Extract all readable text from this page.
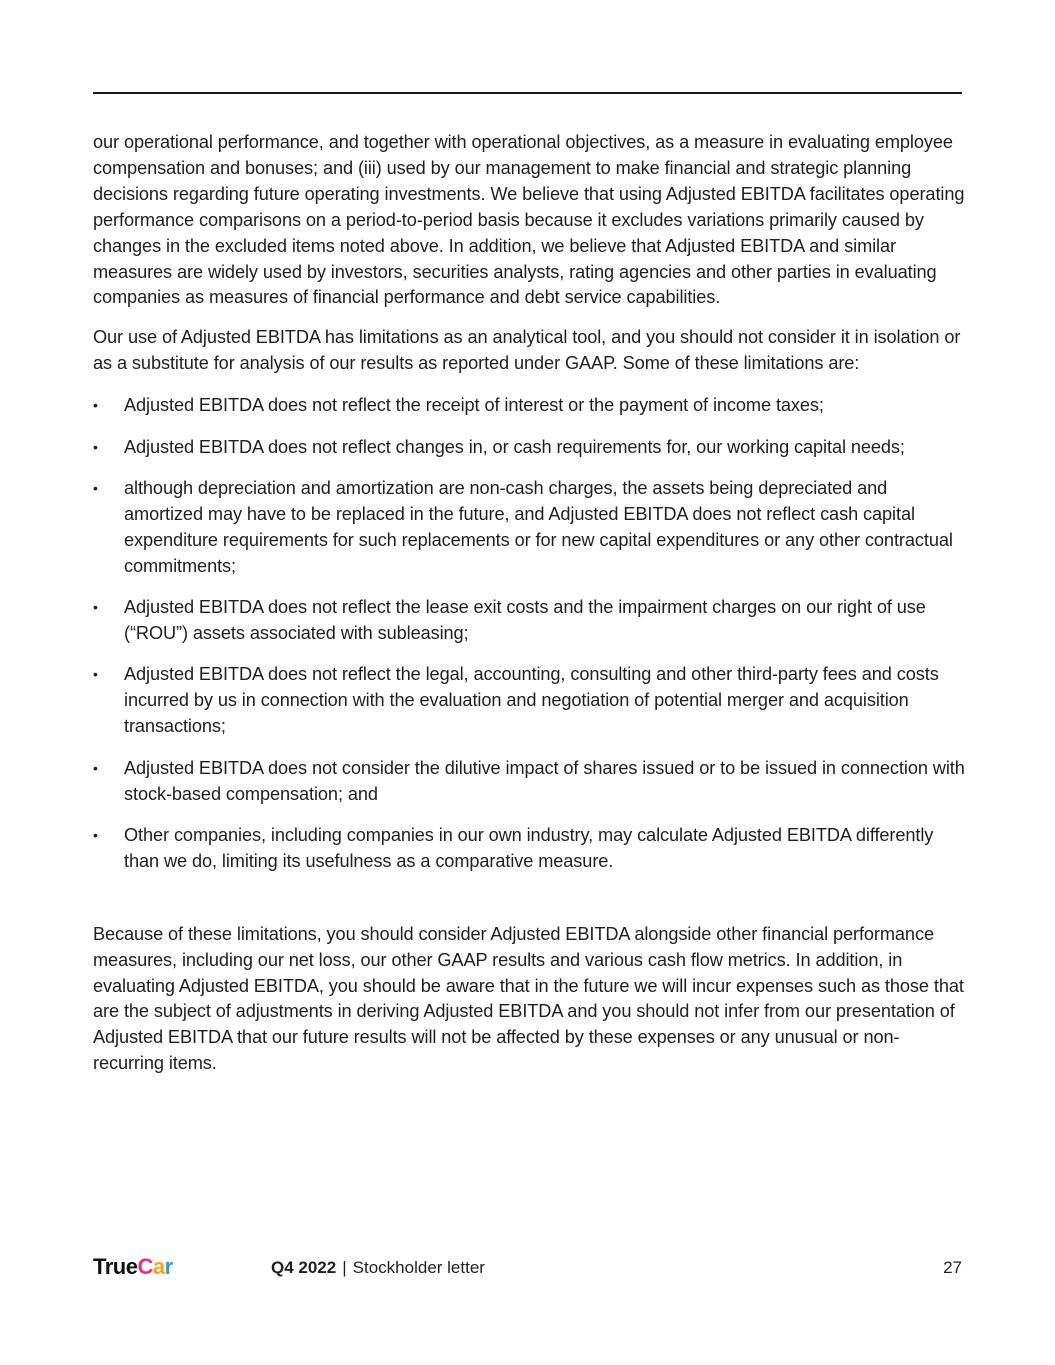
our operational performance, and together with operational objectives, as a measure in evaluating employee compensation and bonuses; and (iii) used by our management to make financial and strategic planning decisions regarding future operating investments. We believe that using Adjusted EBITDA facilitates operating performance comparisons on a period-to-period basis because it excludes variations primarily caused by changes in the excluded items noted above. In addition, we believe that Adjusted EBITDA and similar measures are widely used by investors, securities analysts, rating agencies and other parties in evaluating companies as measures of financial performance and debt service capabilities.

Our use of Adjusted EBITDA has limitations as an analytical tool, and you should not consider it in isolation or as a substitute for analysis of our results as reported under GAAP. Some of these limitations are:

• Adjusted EBITDA does not reflect the receipt of interest or the payment of income taxes;
• Adjusted EBITDA does not reflect changes in, or cash requirements for, our working capital needs;
• although depreciation and amortization are non-cash charges, the assets being depreciated and amortized may have to be replaced in the future, and Adjusted EBITDA does not reflect cash capital expenditure requirements for such replacements or for new capital expenditures or any other contractual commitments;
• Adjusted EBITDA does not reflect the lease exit costs and the impairment charges on our right of use (“ROU”) assets associated with subleasing;
• Adjusted EBITDA does not reflect the legal, accounting, consulting and other third-party fees and costs incurred by us in connection with the evaluation and negotiation of potential merger and acquisition transactions;
• Adjusted EBITDA does not consider the dilutive impact of shares issued or to be issued in connection with stock-based compensation; and
• Other companies, including companies in our own industry, may calculate Adjusted EBITDA differently than we do, limiting its usefulness as a comparative measure.

Because of these limitations, you should consider Adjusted EBITDA alongside other financial performance measures, including our net loss, our other GAAP results and various cash flow metrics. In addition, in evaluating Adjusted EBITDA, you should be aware that in the future we will incur expenses such as those that are the subject of adjustments in deriving Adjusted EBITDA and you should not infer from our presentation of Adjusted EBITDA that our future results will not be affected by these expenses or any unusual or non-recurring items.

TrueCar	Q4 2022 | Stockholder letter	27
